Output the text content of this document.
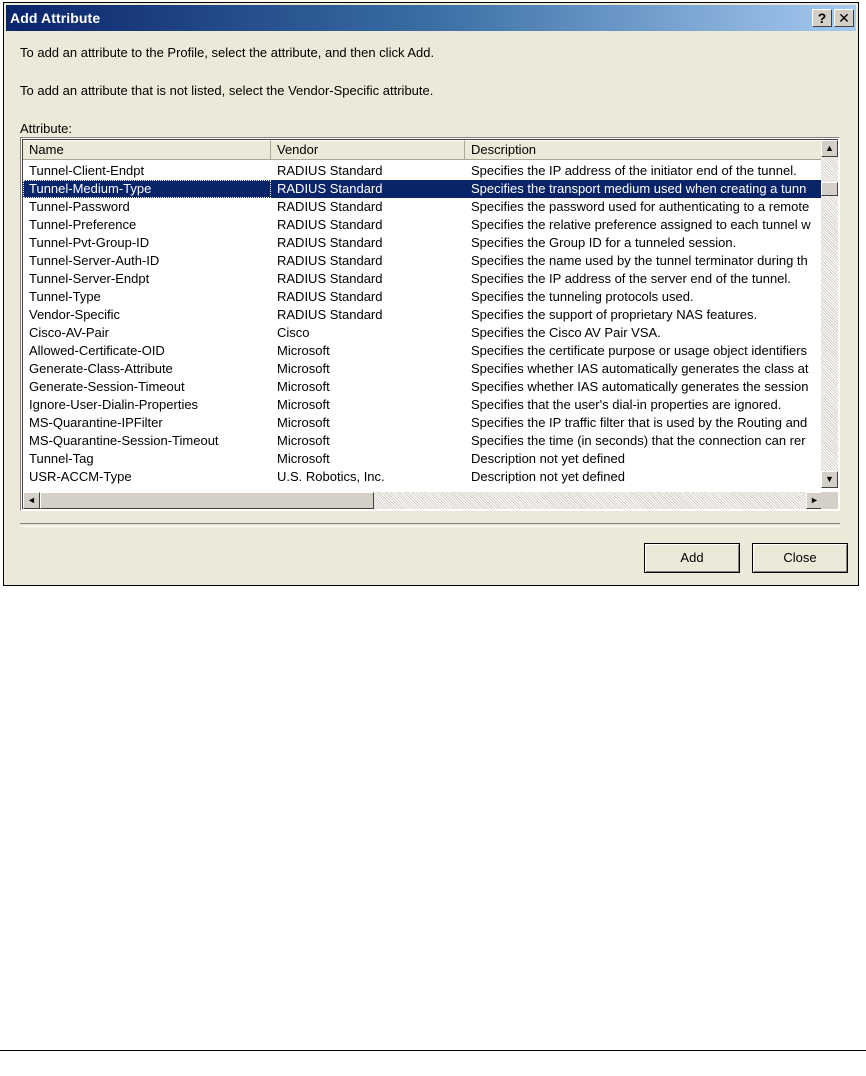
Add Attribute	? ✕
To add an attribute to the Profile, select the attribute, and then click Add.
To add an attribute that is not listed, select the Vendor-Specific attribute.
Attribute:
Name	Vendor	Description
Tunnel-Client-Endpt	RADIUS Standard	Specifies the IP address of the initiator end of the tunnel.
Tunnel-Medium-Type	RADIUS Standard	Specifies the transport medium used when creating a tunn
Tunnel-Password	RADIUS Standard	Specifies the password used for authenticating to a remote
Tunnel-Preference	RADIUS Standard	Specifies the relative preference assigned to each tunnel w
Tunnel-Pvt-Group-ID	RADIUS Standard	Specifies the Group ID for a tunneled session.
Tunnel-Server-Auth-ID	RADIUS Standard	Specifies the name used by the tunnel terminator during th
Tunnel-Server-Endpt	RADIUS Standard	Specifies the IP address of the server end of the tunnel.
Tunnel-Type	RADIUS Standard	Specifies the tunneling protocols used.
Vendor-Specific	RADIUS Standard	Specifies the support of proprietary NAS features.
Cisco-AV-Pair	Cisco	Specifies the Cisco AV Pair VSA.
Allowed-Certificate-OID	Microsoft	Specifies the certificate purpose or usage object identifiers
Generate-Class-Attribute	Microsoft	Specifies whether IAS automatically generates the class at
Generate-Session-Timeout	Microsoft	Specifies whether IAS automatically generates the session
Ignore-User-Dialin-Properties	Microsoft	Specifies that the user's dial-in properties are ignored.
MS-Quarantine-IPFilter	Microsoft	Specifies the IP traffic filter that is used by the Routing and
MS-Quarantine-Session-Timeout	Microsoft	Specifies the time (in seconds) that the connection can rer
Tunnel-Tag	Microsoft	Description not yet defined
USR-ACCM-Type	U.S. Robotics, Inc.	Description not yet defined
▲
▼
◄	►
Add	Close
